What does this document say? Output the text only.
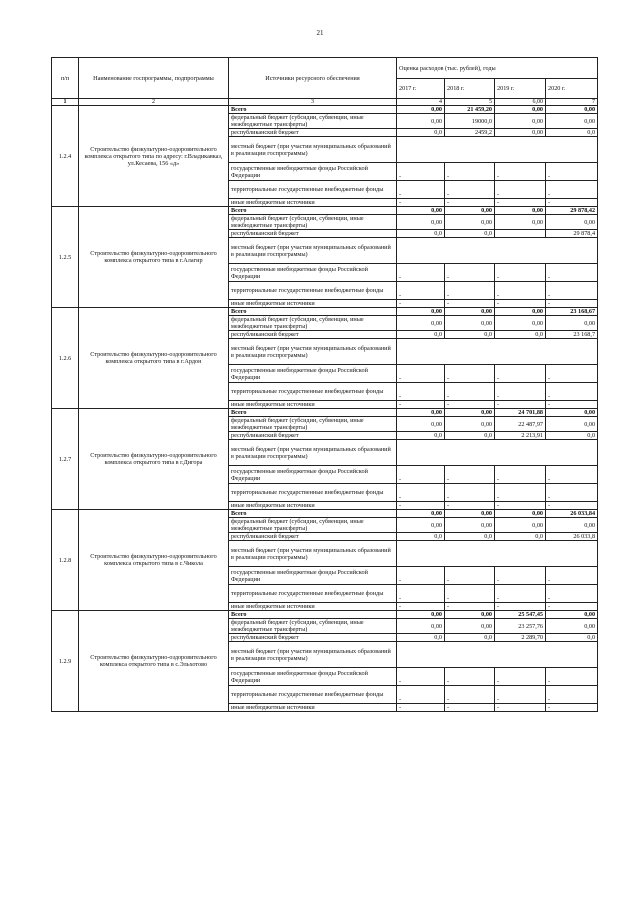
21
п/п	Наименование госпрограммы, подпрограммы	Источники ресурсного обеспечения	Оценка расходов (тыс. рублей), годы			
			2017 г.	2018 г.	2019 г.	2020 г.
1	2	3	4	5	6,00	7
1.2.4	Строительство физкультурно-оздоровительного комплекса открытого типа по адресу: г.Владикавказ, ул.Кесаева, 156 «д»	Всего	0,00	21 459,20	0,00	0,00
		федеральный бюджет (субсидии, субвенции, иные межбюджетные трансферты)	0,00	19000,0	0,00	0,00
		республиканский бюджет	0,0	2459,2	0,00	0,0
		местный бюджет (при участии муниципальных образований в реализации госпрограммы)				
		государственные внебюджетные фонды Российской Федерации	-	-	-	-
		территориальные государственные внебюджетные фонды	-	-	-	-
		иные внебюджетные источники	-	-	-	-
1.2.5	Строительство физкультурно-оздоровительного комплекса открытого типа в г.Алагир	Всего	0,00	0,00	0,00	29 878,42
		федеральный бюджет (субсидии, субвенции, иные межбюджетные трансферты)	0,00	0,00	0,00	0,00
		республиканский бюджет	0,0	0,0		29 878,4
		местный бюджет (при участии муниципальных образований в реализации госпрограммы)				
		государственные внебюджетные фонды Российской Федерации	-	-	-	-
		территориальные государственные внебюджетные фонды	-	-	-	-
		иные внебюджетные источники	-	-	-	-
1.2.6	Строительство физкультурно-оздоровительного комплекса открытого типа в г.Ардон	Всего	0,00	0,00	0,00	23 168,67
		федеральный бюджет (субсидии, субвенции, иные межбюджетные трансферты)	0,00	0,00	0,00	0,00
		республиканский бюджет	0,0	0,0	0,0	23 168,7
		местный бюджет (при участии муниципальных образований в реализации госпрограммы)				
		государственные внебюджетные фонды Российской Федерации	-	-	-	-
		территориальные государственные внебюджетные фонды	-	-	-	-
		иные внебюджетные источники	-	-	-	-
1.2.7	Строительство физкультурно-оздоровительного комплекса открытого типа в г.Дигора	Всего	0,00	0,00	24 701,88	0,00
		федеральный бюджет (субсидии, субвенции, иные межбюджетные трансферты)	0,00	0,00	22 487,97	0,00
		республиканский бюджет	0,0	0,0	2 213,91	0,0
		местный бюджет (при участии муниципальных образований в реализации госпрограммы)				
		государственные внебюджетные фонды Российской Федерации	-	-	-	-
		территориальные государственные внебюджетные фонды	-	-	-	-
		иные внебюджетные источники	-	-	-	-
1.2.8	Строительство физкультурно-оздоровительного комплекса открытого типа в с.Чикола	Всего	0,00	0,00	0,00	26 033,84
		федеральный бюджет (субсидии, субвенции, иные межбюджетные трансферты)	0,00	0,00	0,00	0,00
		республиканский бюджет	0,0	0,0	0,0	26 033,8
		местный бюджет (при участии муниципальных образований в реализации госпрограммы)				
		государственные внебюджетные фонды Российской Федерации	-	-	-	-
		территориальные государственные внебюджетные фонды	-	-	-	-
		иные внебюджетные источники	-	-	-	-
1.2.9	Строительство физкультурно-оздоровительного комплекса открытого типа в с.Эльхотово	Всего	0,00	0,00	25 547,45	0,00
		федеральный бюджет (субсидии, субвенции, иные межбюджетные трансферты)	0,00	0,00	23 257,76	0,00
		республиканский бюджет	0,0	0,0	2 289,70	0,0
		местный бюджет (при участии муниципальных образований в реализации госпрограммы)				
		государственные внебюджетные фонды Российской Федерации	-	-	-	-
		территориальные государственные внебюджетные фонды	-	-	-	-
		иные внебюджетные источники	-	-	-	-
